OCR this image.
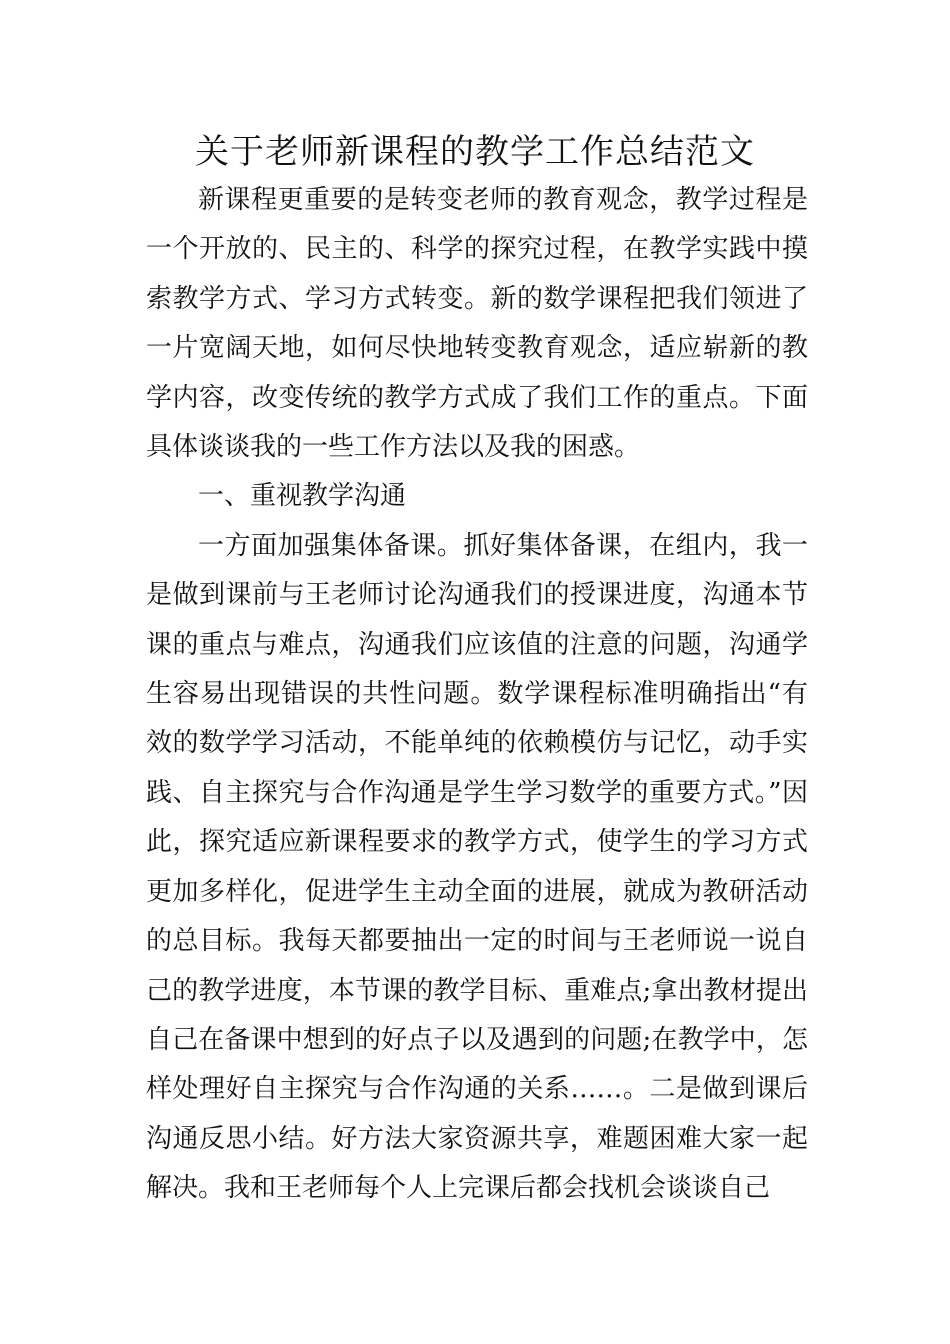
关于老师新课程的教学工作总结范文

新课程更重要的是转变老师的教育观念，教学过程是一个开放的、民主的、科学的探究过程，在教学实践中摸索教学方式、学习方式转变。新的数学课程把我们领进了一片宽阔天地，如何尽快地转变教育观念，适应崭新的教学内容，改变传统的教学方式成了我们工作的重点。下面具体谈谈我的一些工作方法以及我的困惑。

一、重视教学沟通

一方面加强集体备课。抓好集体备课，在组内，我一是做到课前与王老师讨论沟通我们的授课进度，沟通本节课的重点与难点，沟通我们应该值的注意的问题，沟通学生容易出现错误的共性问题。数学课程标准明确指出“有效的数学学习活动，不能单纯的依赖模仿与记忆，动手实践、自主探究与合作沟通是学生学习数学的重要方式。”因此，探究适应新课程要求的教学方式，使学生的学习方式更加多样化，促进学生主动全面的进展，就成为教研活动的总目标。我每天都要抽出一定的时间与王老师说一说自己的教学进度，本节课的教学目标、重难点;拿出教材提出自己在备课中想到的好点子以及遇到的问题;在教学中，怎样处理好自主探究与合作沟通的关系……。二是做到课后沟通反思小结。好方法大家资源共享，难题困难大家一起解决。我和王老师每个人上完课后都会找机会谈谈自己
